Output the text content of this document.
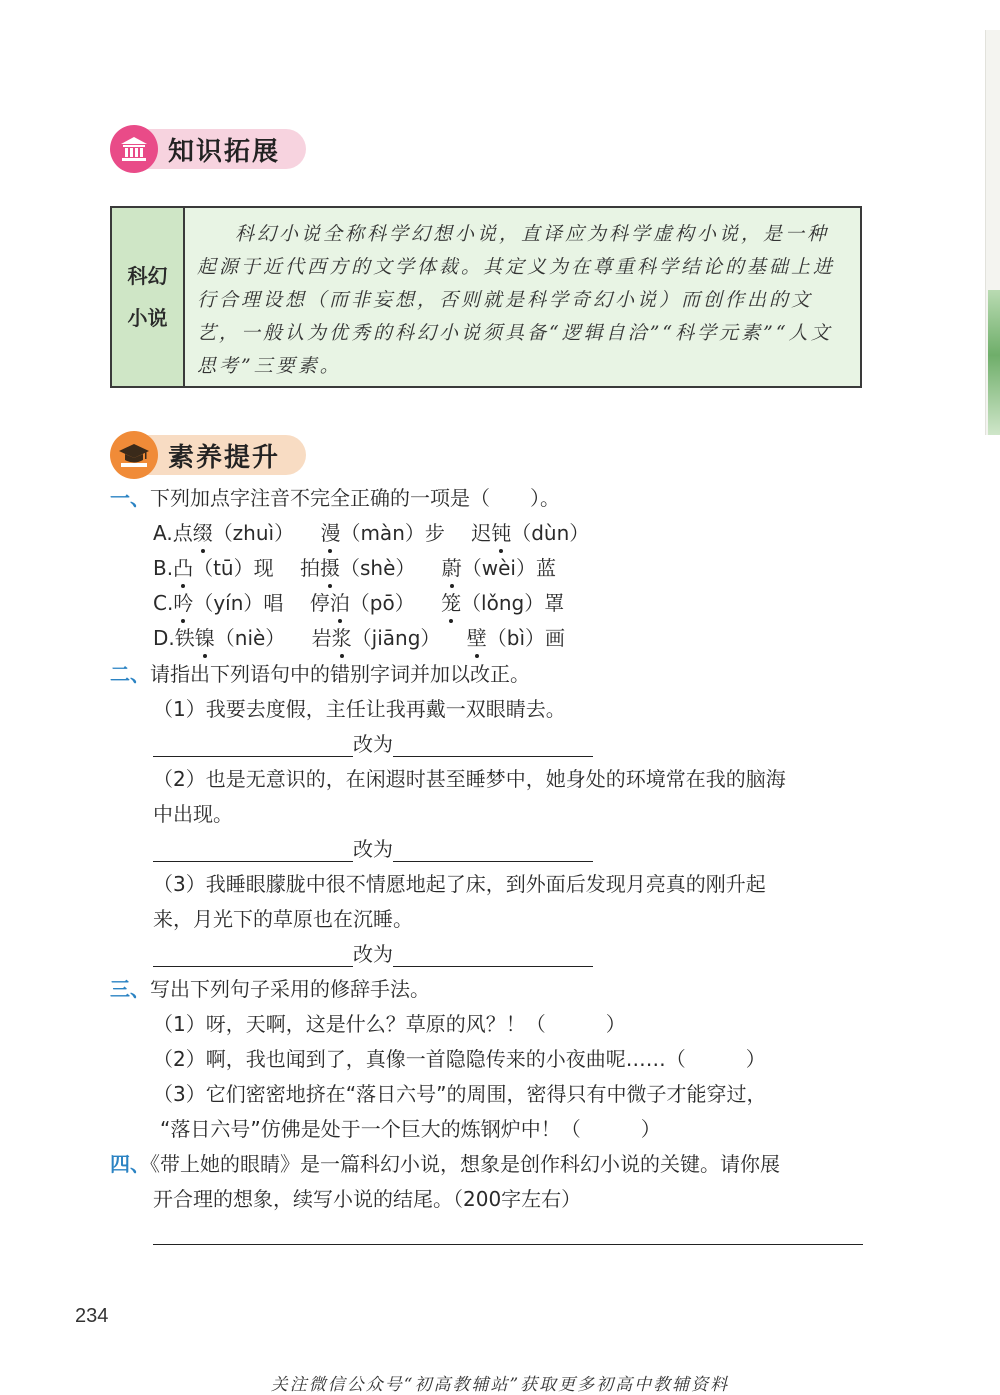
知识拓展
科幻
小说
科幻小说全称科学幻想小说，直译应为科学虚构小说，是一种起源于近代西方的文学体裁。其定义为在尊重科学结论的基础上进行合理设想（而非妄想，否则就是科学奇幻小说）而创作出的文艺，一般认为优秀的科幻小说须具备“逻辑自洽”“科学元素”“人文思考”三要素。
素养提升
一、下列加点字注音不完全正确的一项是（　　）。
A.点缀（zhuì） 漫（màn）步 迟钝（dùn）
B.凸（tū）现 拍摄（shè） 蔚（wèi）蓝
C.吟（yín）唱 停泊（pō） 笼（lǒng）罩
D.铁镍（niè） 岩浆（jiāng） 壁（bì）画
二、请指出下列语句中的错别字词并加以改正。
（1）我要去度假，主任让我再戴一双眼睛去。
改为
（2）也是无意识的，在闲遐时甚至睡梦中，她身处的环境常在我的脑海
中出现。
改为
（3）我睡眼朦胧中很不情愿地起了床，到外面后发现月亮真的刚升起
来，月光下的草原也在沉睡。
改为
三、写出下列句子采用的修辞手法。
（1）呀，天啊，这是什么？草原的风？！（　　　）
（2）啊，我也闻到了，真像一首隐隐传来的小夜曲呢……（　　　）
（3）它们密密地挤在“落日六号”的周围，密得只有中微子才能穿过，
“落日六号”仿佛是处于一个巨大的炼钢炉中！（　　　）
四、《带上她的眼睛》是一篇科幻小说，想象是创作科幻小说的关键。请你展
开合理的想象，续写小说的结尾。（200字左右）
234
关注微信公众号“初高教辅站”获取更多初高中教辅资料
